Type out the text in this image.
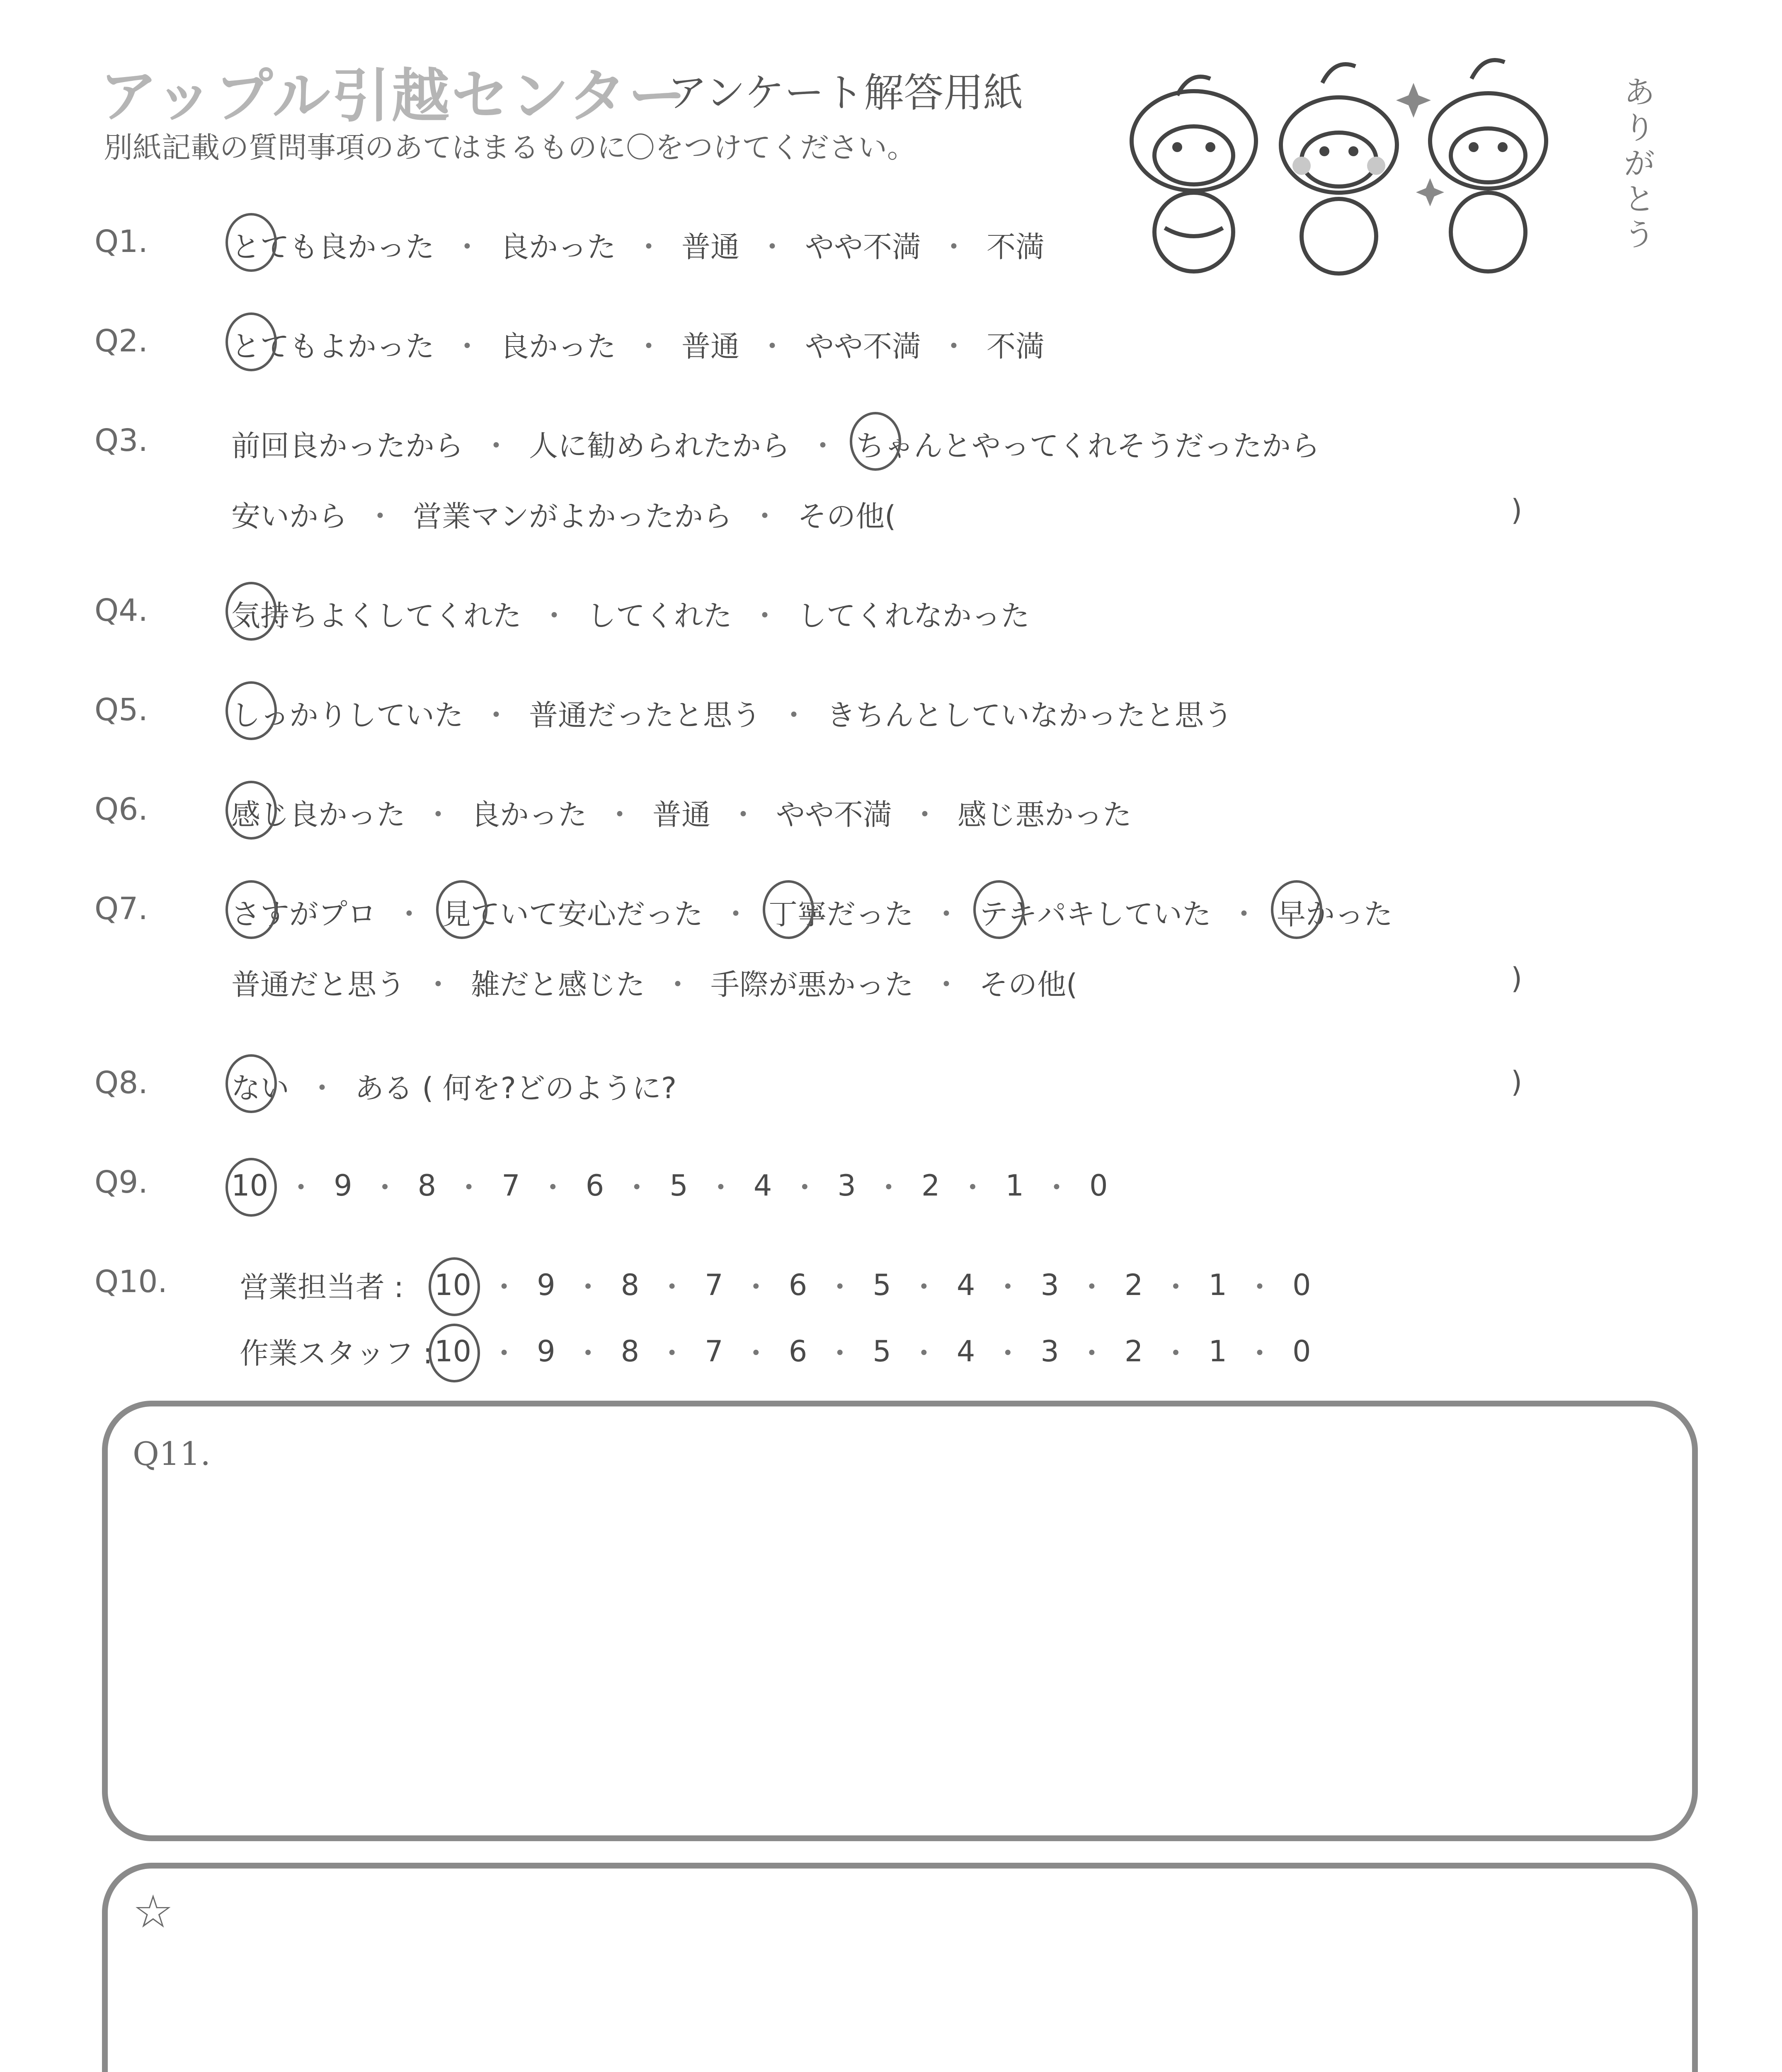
アップル引越センター
アンケート解答用紙
別紙記載の質問事項のあてはまるものに〇をつけてください。
ありがとう
Q1.	とても良かった ・ 良かった ・ 普通 ・ やや不満 ・ 不満
Q2.	とてもよかった ・ 良かった ・ 普通 ・ やや不満 ・ 不満
Q3.	前回良かったから ・ 人に勧められたから ・ ちゃんとやってくれそうだったから
安いから ・ 営業マンがよかったから ・ その他(	)
Q4.	気持ちよくしてくれた ・ してくれた ・ してくれなかった
Q5.	しっかりしていた ・ 普通だったと思う ・ きちんとしていなかったと思う
Q6.	感じ良かった ・ 良かった ・ 普通 ・ やや不満 ・ 感じ悪かった
Q7.	さすがプロ ・ 見ていて安心だった ・ 丁寧だった ・ テキパキしていた ・ 早かった
普通だと思う ・ 雑だと感じた ・ 手際が悪かった ・ その他(	)
Q8.	ない ・ ある ( 何を?どのように?	)
Q9.	10 ・ 9 ・ 8 ・ 7 ・ 6 ・ 5 ・ 4 ・ 3 ・ 2 ・ 1 ・ 0
Q10. 営業担当者 :	10 ・ 9 ・ 8 ・ 7 ・ 6 ・ 5 ・ 4 ・ 3 ・ 2 ・ 1 ・ 0
作業スタッフ : 10 ・ 9 ・ 8 ・ 7 ・ 6 ・ 5 ・ 4 ・ 3 ・ 2 ・ 1 ・ 0
Q11.
☆
